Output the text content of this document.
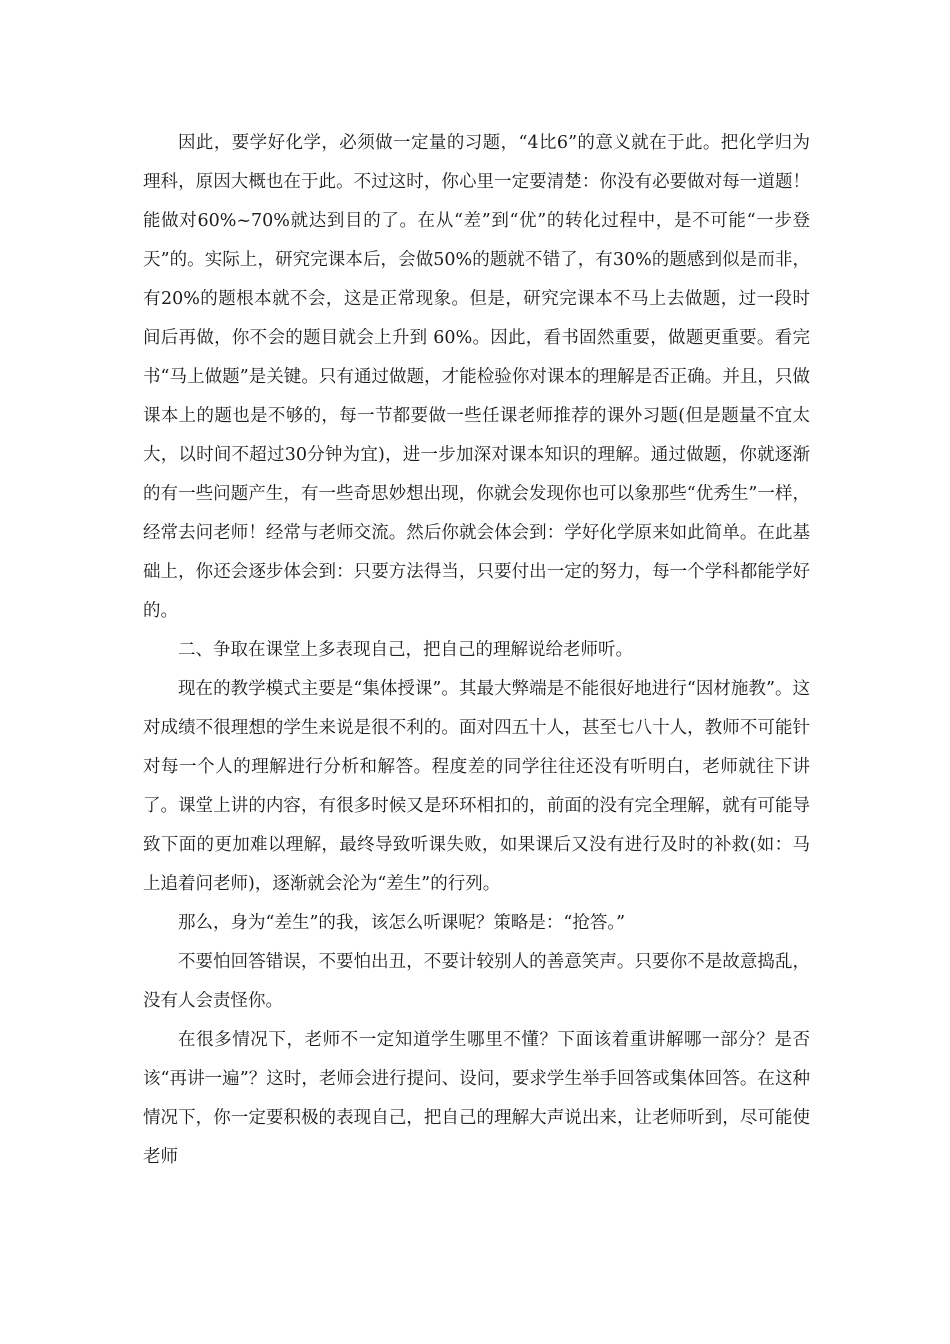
因此，要学好化学，必须做一定量的习题，“4比6”的意义就在于此。把化学归为理科，原因大概也在于此。不过这时，你心里一定要清楚：你没有必要做对每一道题！能做对60%~70%就达到目的了。在从“差”到“优”的转化过程中，是不可能“一步登天”的。实际上，研究完课本后，会做50%的题就不错了，有30%的题感到似是而非，有20%的题根本就不会，这是正常现象。但是，研究完课本不马上去做题，过一段时间后再做，你不会的题目就会上升到 60%。因此，看书固然重要，做题更重要。看完书“马上做题”是关键。只有通过做题，才能检验你对课本的理解是否正确。并且，只做课本上的题也是不够的，每一节都要做一些任课老师推荐的课外习题(但是题量不宜太大，以时间不超过30分钟为宜)，进一步加深对课本知识的理解。通过做题，你就逐渐的有一些问题产生，有一些奇思妙想出现，你就会发现你也可以象那些“优秀生”一样，经常去问老师！经常与老师交流。然后你就会体会到：学好化学原来如此简单。在此基础上，你还会逐步体会到：只要方法得当，只要付出一定的努力，每一个学科都能学好的。

二、争取在课堂上多表现自己，把自己的理解说给老师听。

现在的教学模式主要是“集体授课”。其最大弊端是不能很好地进行“因材施教”。这对成绩不很理想的学生来说是很不利的。面对四五十人，甚至七八十人，教师不可能针对每一个人的理解进行分析和解答。程度差的同学往往还没有听明白，老师就往下讲了。课堂上讲的内容，有很多时候又是环环相扣的，前面的没有完全理解，就有可能导致下面的更加难以理解，最终导致听课失败，如果课后又没有进行及时的补救(如：马上追着问老师)，逐渐就会沦为“差生”的行列。

那么，身为“差生”的我，该怎么听课呢？策略是：“抢答。”

不要怕回答错误，不要怕出丑，不要计较别人的善意笑声。只要你不是故意捣乱，没有人会责怪你。

在很多情况下，老师不一定知道学生哪里不懂？下面该着重讲解哪一部分？是否该“再讲一遍”？这时，老师会进行提问、设问，要求学生举手回答或集体回答。在这种情况下，你一定要积极的表现自己，把自己的理解大声说出来，让老师听到，尽可能使老师
